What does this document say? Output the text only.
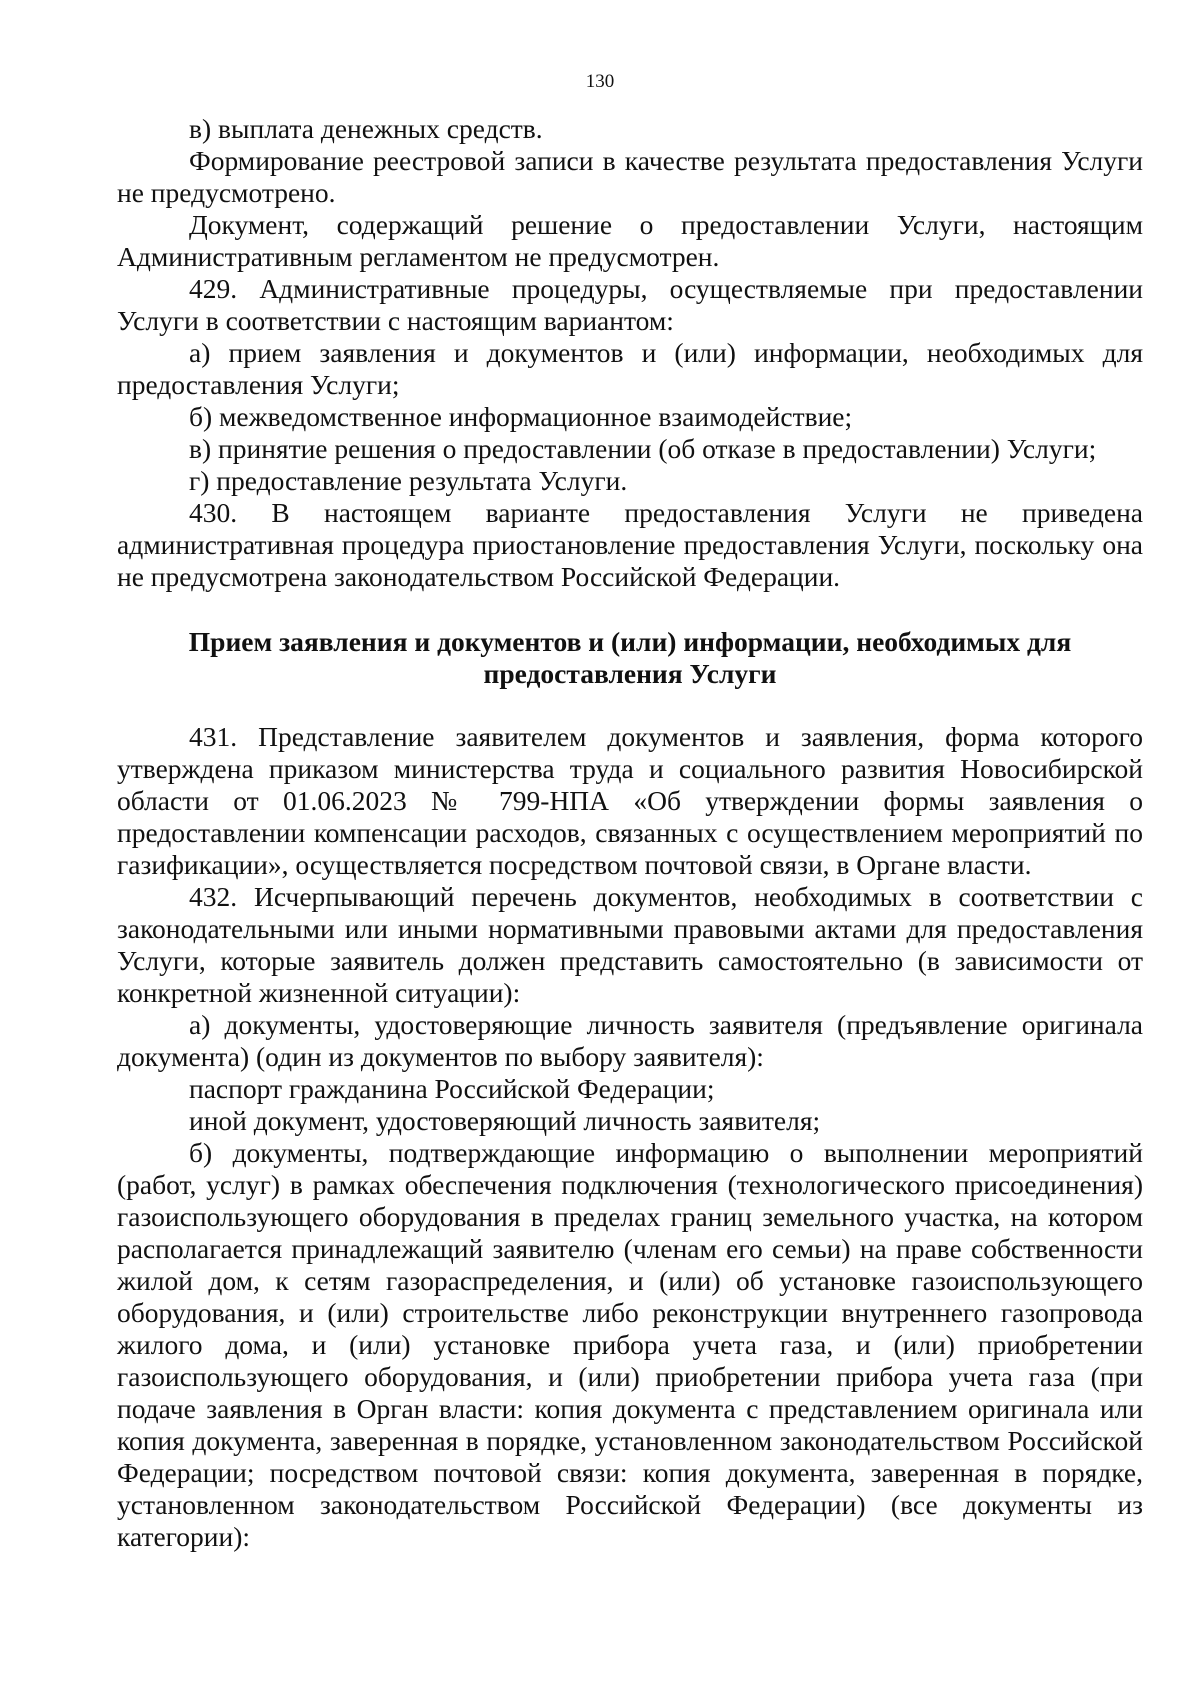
130

в) выплата денежных средств.

Формирование реестровой записи в качестве результата предоставления Услуги не предусмотрено.

Документ, содержащий решение о предоставлении Услуги, настоящим Административным регламентом не предусмотрен.

429. Административные процедуры, осуществляемые при предоставлении Услуги в соответствии с настоящим вариантом:

а) прием заявления и документов и (или) информации, необходимых для предоставления Услуги;

б) межведомственное информационное взаимодействие;

в) принятие решения о предоставлении (об отказе в предоставлении) Услуги;

г) предоставление результата Услуги.

430. В настоящем варианте предоставления Услуги не приведена административная процедура приостановление предоставления Услуги, поскольку она не предусмотрена законодательством Российской Федерации.

Прием заявления и документов и (или) информации, необходимых для
предоставления Услуги

431. Представление заявителем документов и заявления, форма которого утверждена приказом министерства труда и социального развития Новосибирской области от 01.06.2023 № 799-НПА «Об утверждении формы заявления о предоставлении компенсации расходов, связанных с осуществлением мероприятий по газификации», осуществляется посредством почтовой связи, в Органе власти.

432. Исчерпывающий перечень документов, необходимых в соответствии с законодательными или иными нормативными правовыми актами для предоставления Услуги, которые заявитель должен представить самостоятельно (в зависимости от конкретной жизненной ситуации):

а) документы, удостоверяющие личность заявителя (предъявление оригинала документа) (один из документов по выбору заявителя):

паспорт гражданина Российской Федерации;

иной документ, удостоверяющий личность заявителя;

б) документы, подтверждающие информацию о выполнении мероприятий (работ, услуг) в рамках обеспечения подключения (технологического присоединения) газоиспользующего оборудования в пределах границ земельного участка, на котором располагается принадлежащий заявителю (членам его семьи) на праве собственности жилой дом, к сетям газораспределения, и (или) об установке газоиспользующего оборудования, и (или) строительстве либо реконструкции внутреннего газопровода жилого дома, и (или) установке прибора учета газа, и (или) приобретении газоиспользующего оборудования, и (или) приобретении прибора учета газа (при подаче заявления в Орган власти: копия документа с представлением оригинала или копия документа, заверенная в порядке, установленном законодательством Российской Федерации; посредством почтовой связи: копия документа, заверенная в порядке, установленном законодательством Российской Федерации) (все документы из категории):
